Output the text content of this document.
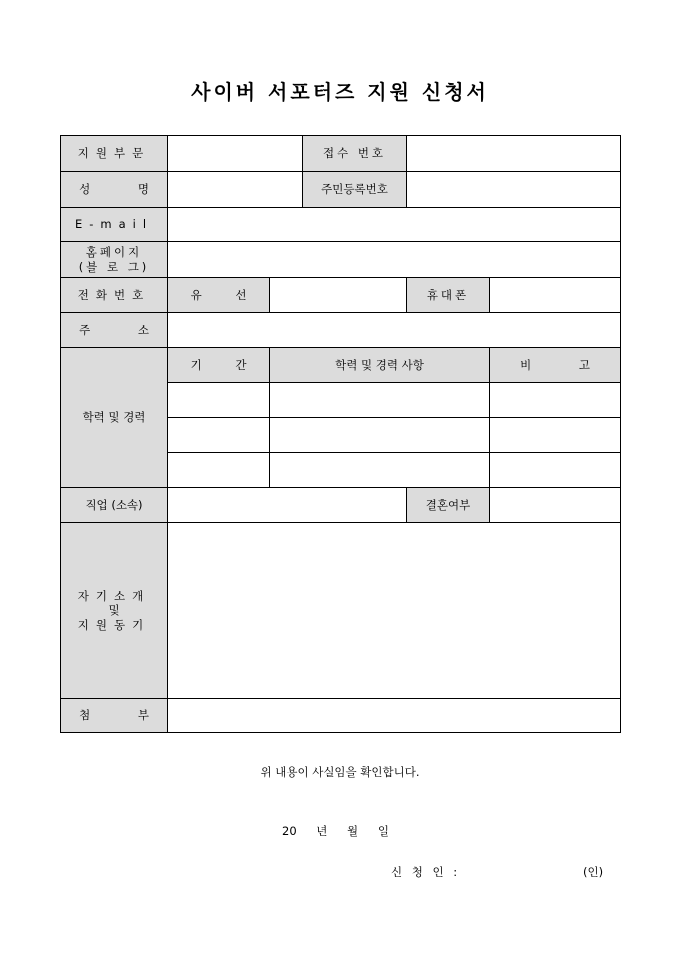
사이버 서포터즈 지원 신청서
지원부문			접수 번호		
성 명			주민등록번호		
E-mail					

홈페이지
(블 로 그)					

전화번호	유 선			휴대폰	
주 소					
학력 및 경력	기 간	학력 및 경력 사항			비 고

직업 (소속)				결혼여부	

자기소개
및
지원동기					

첨 부					
위 내용이 사실임을 확인합니다.
20 년 월 일
신 청 인 :	(인)
